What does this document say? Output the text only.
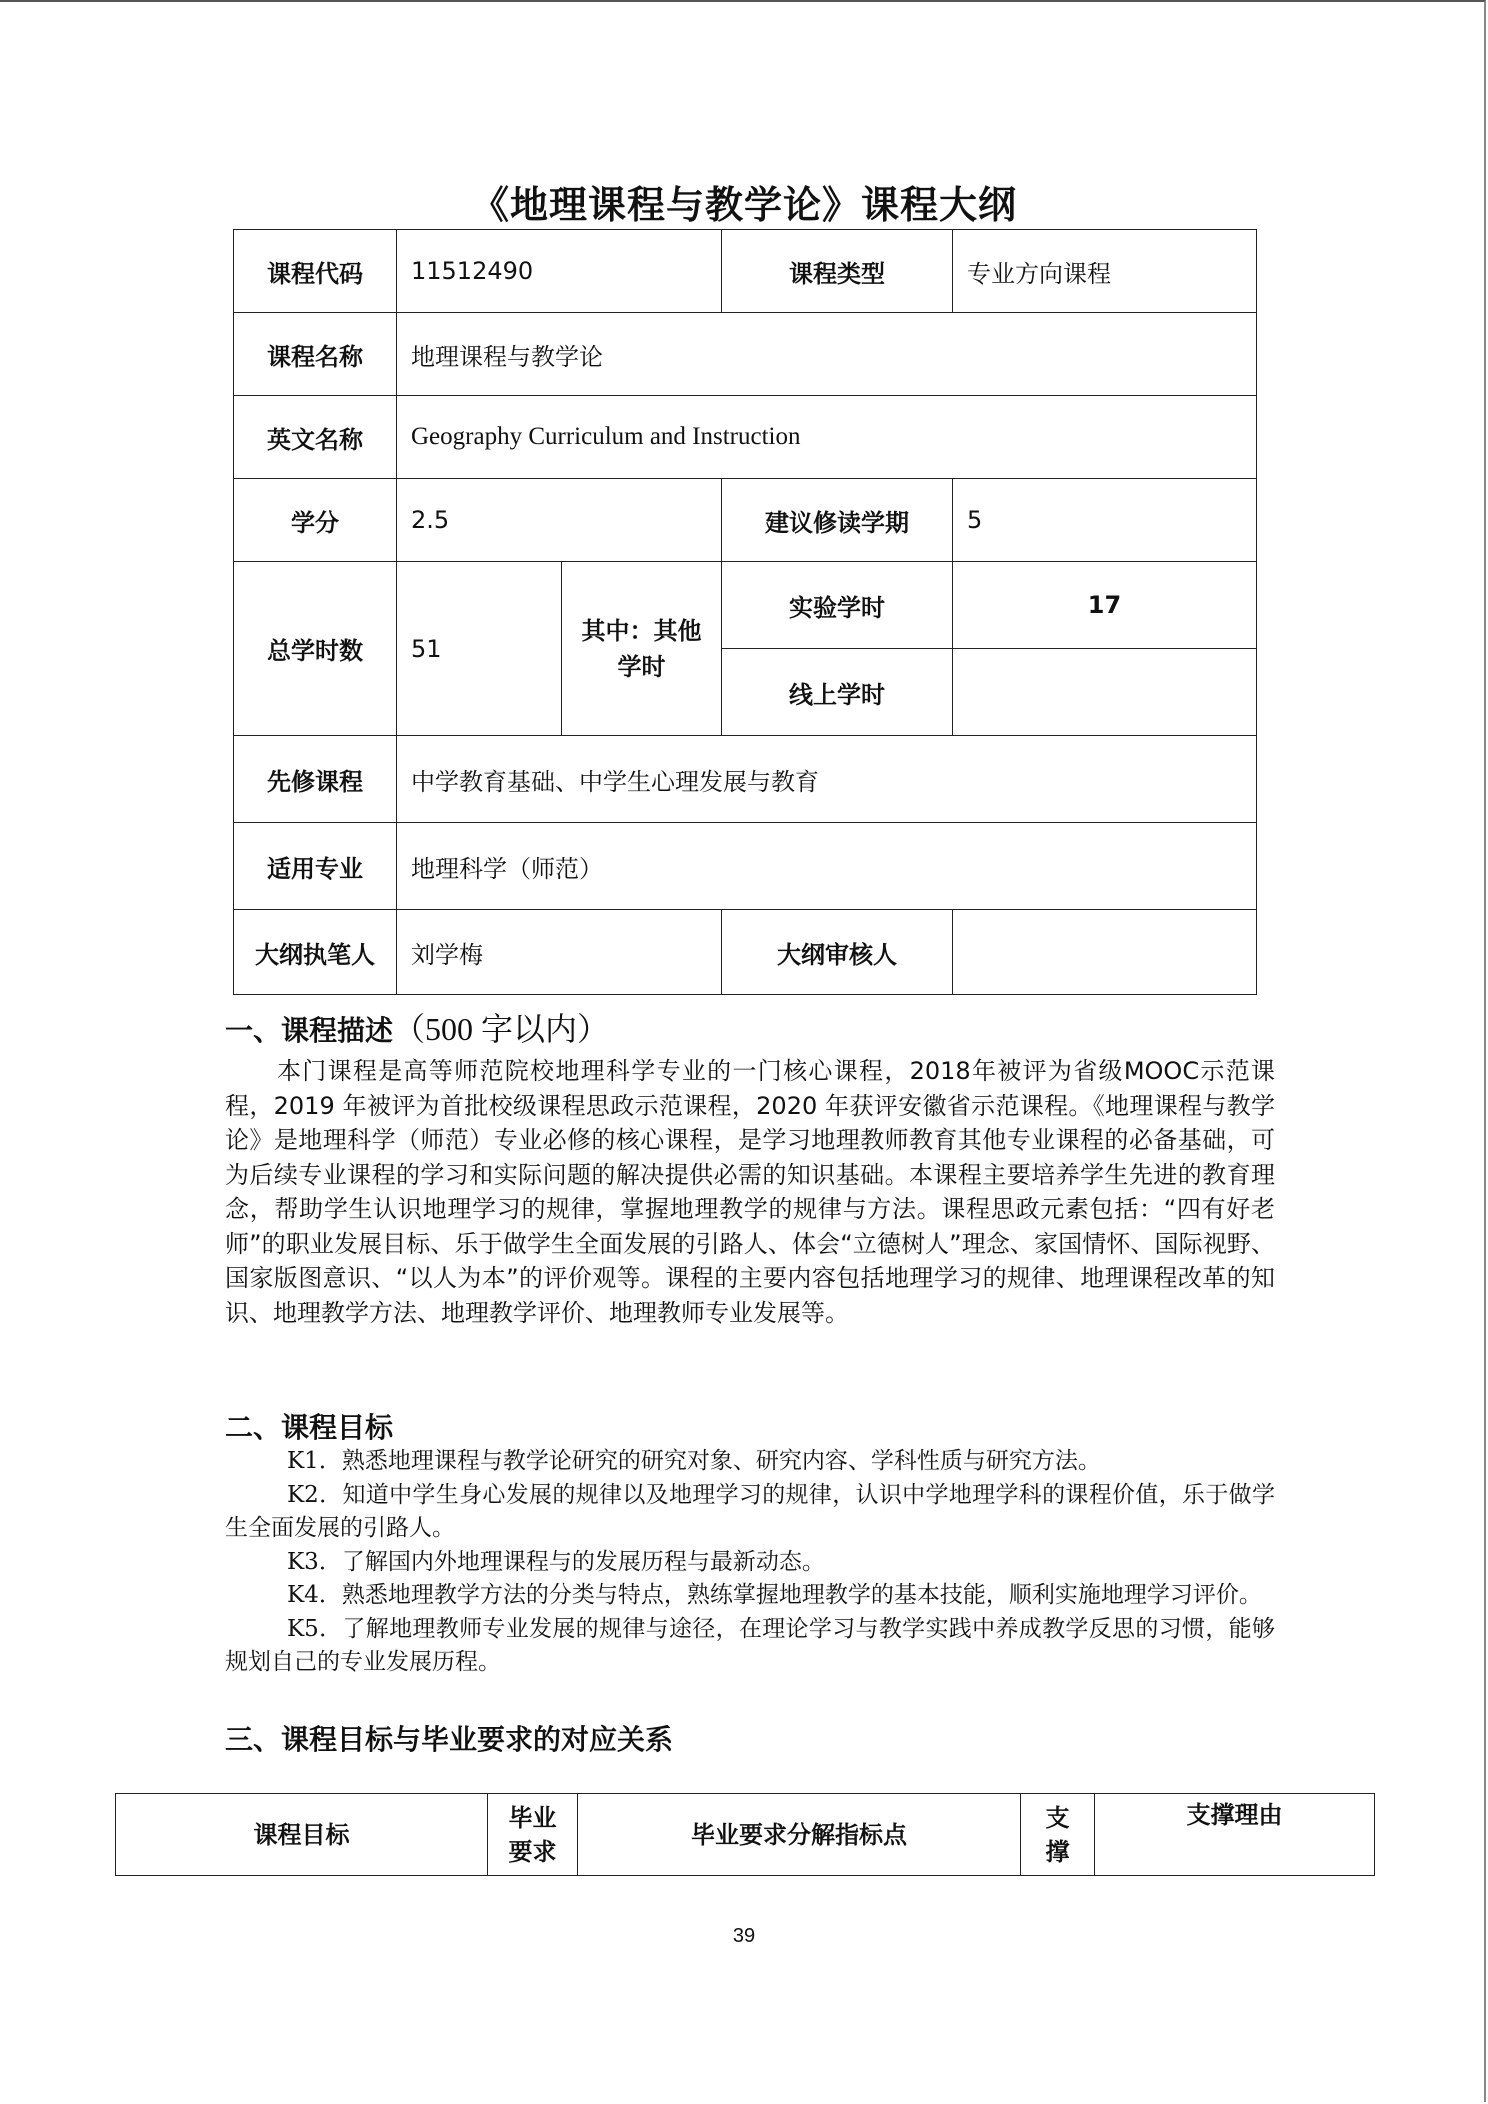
《地理课程与教学论》课程大纲
课程代码	11512490		课程类型	专业方向课程
课程名称	地理课程与教学论			
英文名称	Geography Curriculum and Instruction			
学分	2.5		建议修读学期	5
总学时数	51	其中：其他学时	实验学时	17
			线上学时	
先修课程	中学教育基础、中学生心理发展与教育			
适用专业	地理科学（师范）			
大纲执笔人	刘学梅		大纲审核人	
一、课程描述（500 字以内）

本门课程是高等师范院校地理科学专业的一门核心课程，2018年被评为省级MOOC示范课程，2019 年被评为首批校级课程思政示范课程，2020 年获评安徽省示范课程。《地理课程与教学论》是地理科学（师范）专业必修的核心课程，是学习地理教师教育其他专业课程的必备基础，可为后续专业课程的学习和实际问题的解决提供必需的知识基础。本课程主要培养学生先进的教育理念，帮助学生认识地理学习的规律，掌握地理教学的规律与方法。课程思政元素包括：“四有好老师”的职业发展目标、乐于做学生全面发展的引路人、体会“立德树人”理念、家国情怀、国际视野、国家版图意识、“以人为本”的评价观等。课程的主要内容包括地理学习的规律、地理课程改革的知识、地理教学方法、地理教学评价、地理教师专业发展等。

二、课程目标
K1．熟悉地理课程与教学论研究的研究对象、研究内容、学科性质与研究方法。
K2．知道中学生身心发展的规律以及地理学习的规律，认识中学地理学科的课程价值，乐于做学生全面发展的引路人。
K3．了解国内外地理课程与的发展历程与最新动态。
K4．熟悉地理教学方法的分类与特点，熟练掌握地理教学的基本技能，顺利实施地理学习评价。
K5．了解地理教师专业发展的规律与途径，在理论学习与教学实践中养成教学反思的习惯，能够规划自己的专业发展历程。
三、课程目标与毕业要求的对应关系
课程目标	毕业要求	毕业要求分解指标点	支撑	支撑理由
39
